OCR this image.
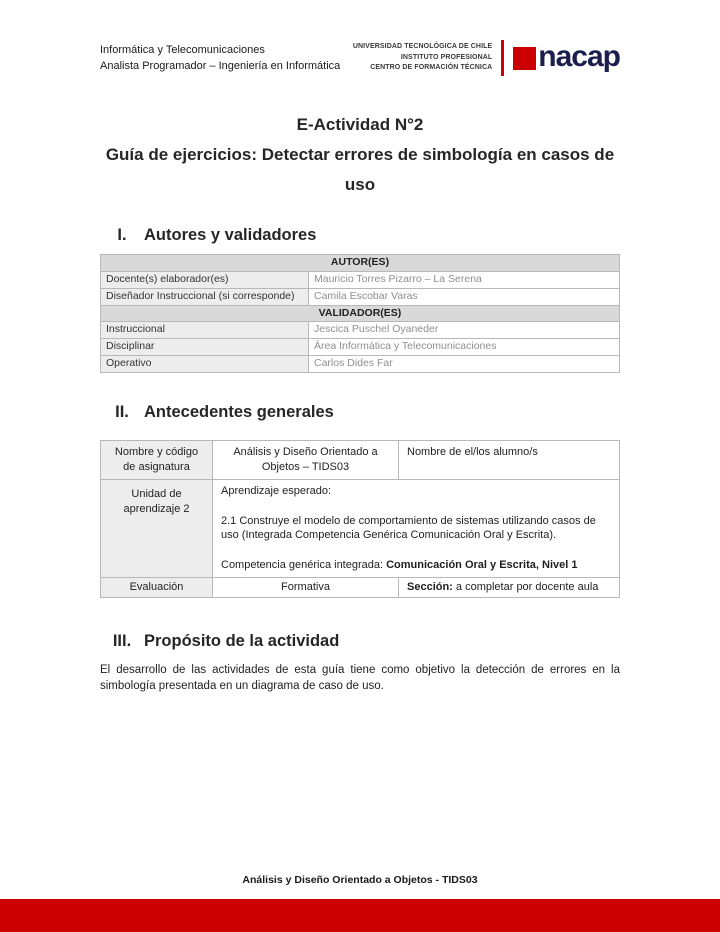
Informática y Telecomunicaciones
Analista Programador – Ingeniería en Informática
UNIVERSIDAD TECNOLÓGICA DE CHILE
INSTITUTO PROFESIONAL
CENTRO DE FORMACIÓN TÉCNICA nacap
E-Actividad N°2
Guía de ejercicios: Detectar errores de simbología en casos de uso
I.	Autores y validadores
AUTOR(ES)	
Docente(s) elaborador(es)	Mauricio Torres Pizarro – La Serena
Diseñador Instruccional (si corresponde)	Camila Escobar Varas
VALIDADOR(ES)	
Instruccional	Jescica Puschel Oyaneder
Disciplinar	Área Informática y Telecomunicaciones
Operativo	Carlos Dides Far
II. Antecedentes generales
Nombre y código de asignatura	Análisis y Diseño Orientado a Objetos – TIDS03	Nombre de el/los alumno/s
Unidad de aprendizaje 2	Aprendizaje esperado:

2.1 Construye el modelo de comportamiento de sistemas utilizando casos de uso (Integrada Competencia Genérica Comunicación Oral y Escrita).

Competencia genérica integrada: Comunicación Oral y Escrita, Nivel 1	

Evaluación	Formativa	Sección: a completar por docente aula
III. Propósito de la actividad

El desarrollo de las actividades de esta guía tiene como objetivo la detección de errores en la simbología presentada en un diagrama de caso de uso.

Análisis y Diseño Orientado a Objetos - TIDS03
